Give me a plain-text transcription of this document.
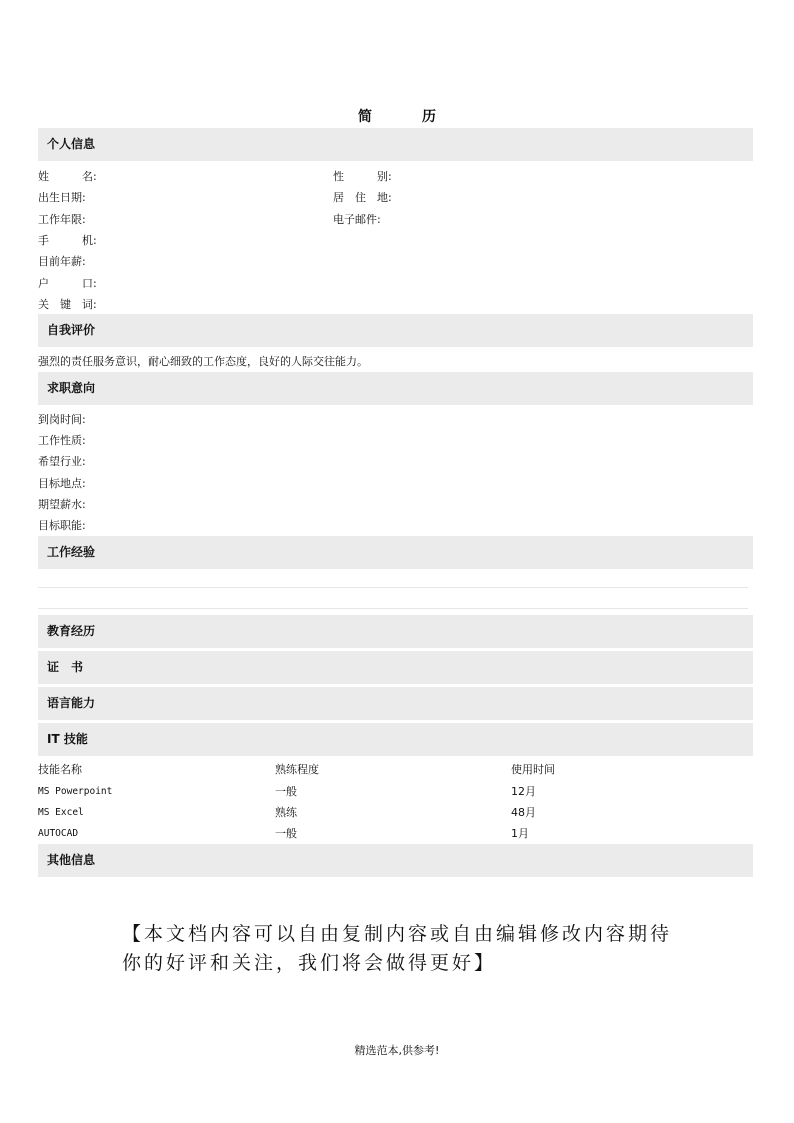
简　历
个人信息
姓　　　名:	性　　　别:
出生日期:	居　住　地:
工作年限:	电子邮件:
手　　　机:
目前年薪:
户　　　口:
关　键　词:
自我评价
强烈的责任服务意识，耐心细致的工作态度，良好的人际交往能力。
求职意向
到岗时间:
工作性质:
希望行业:
目标地点:
期望薪水:
目标职能:
工作经验
教育经历
证　书
语言能力
IT 技能
技能名称	熟练程度	使用时间
MS Powerpoint	一般	12月
MS Excel	熟练	48月
AUTOCAD	一般	1月
其他信息
【本文档内容可以自由复制内容或自由编辑修改内容期待
你的好评和关注，我们将会做得更好】
精选范本,供参考!
